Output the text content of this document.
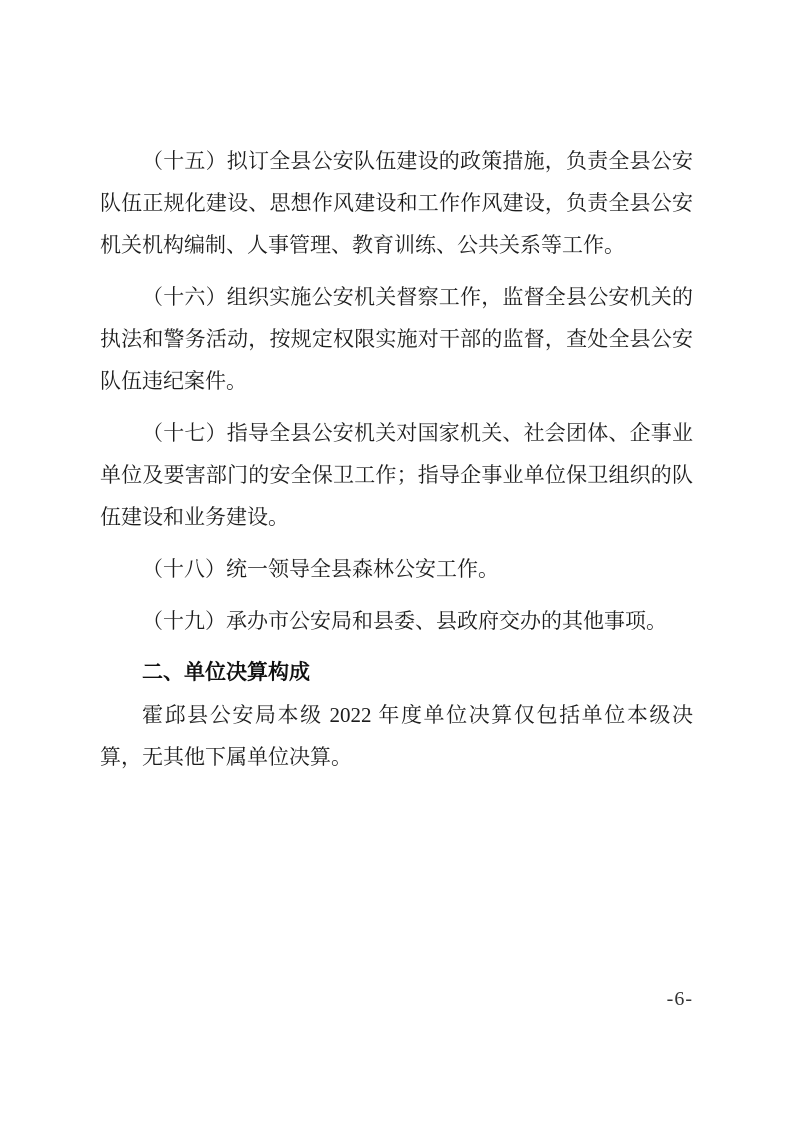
（十五）拟订全县公安队伍建设的政策措施，负责全县公安队伍正规化建设、思想作风建设和工作作风建设，负责全县公安机关机构编制、人事管理、教育训练、公共关系等工作。

（十六）组织实施公安机关督察工作，监督全县公安机关的执法和警务活动，按规定权限实施对干部的监督，查处全县公安队伍违纪案件。

（十七）指导全县公安机关对国家机关、社会团体、企事业单位及要害部门的安全保卫工作；指导企事业单位保卫组织的队伍建设和业务建设。

（十八）统一领导全县森林公安工作。

（十九）承办市公安局和县委、县政府交办的其他事项。

二、单位决算构成

霍邱县公安局本级 2022 年度单位决算仅包括单位本级决算，无其他下属单位决算。

-6-
